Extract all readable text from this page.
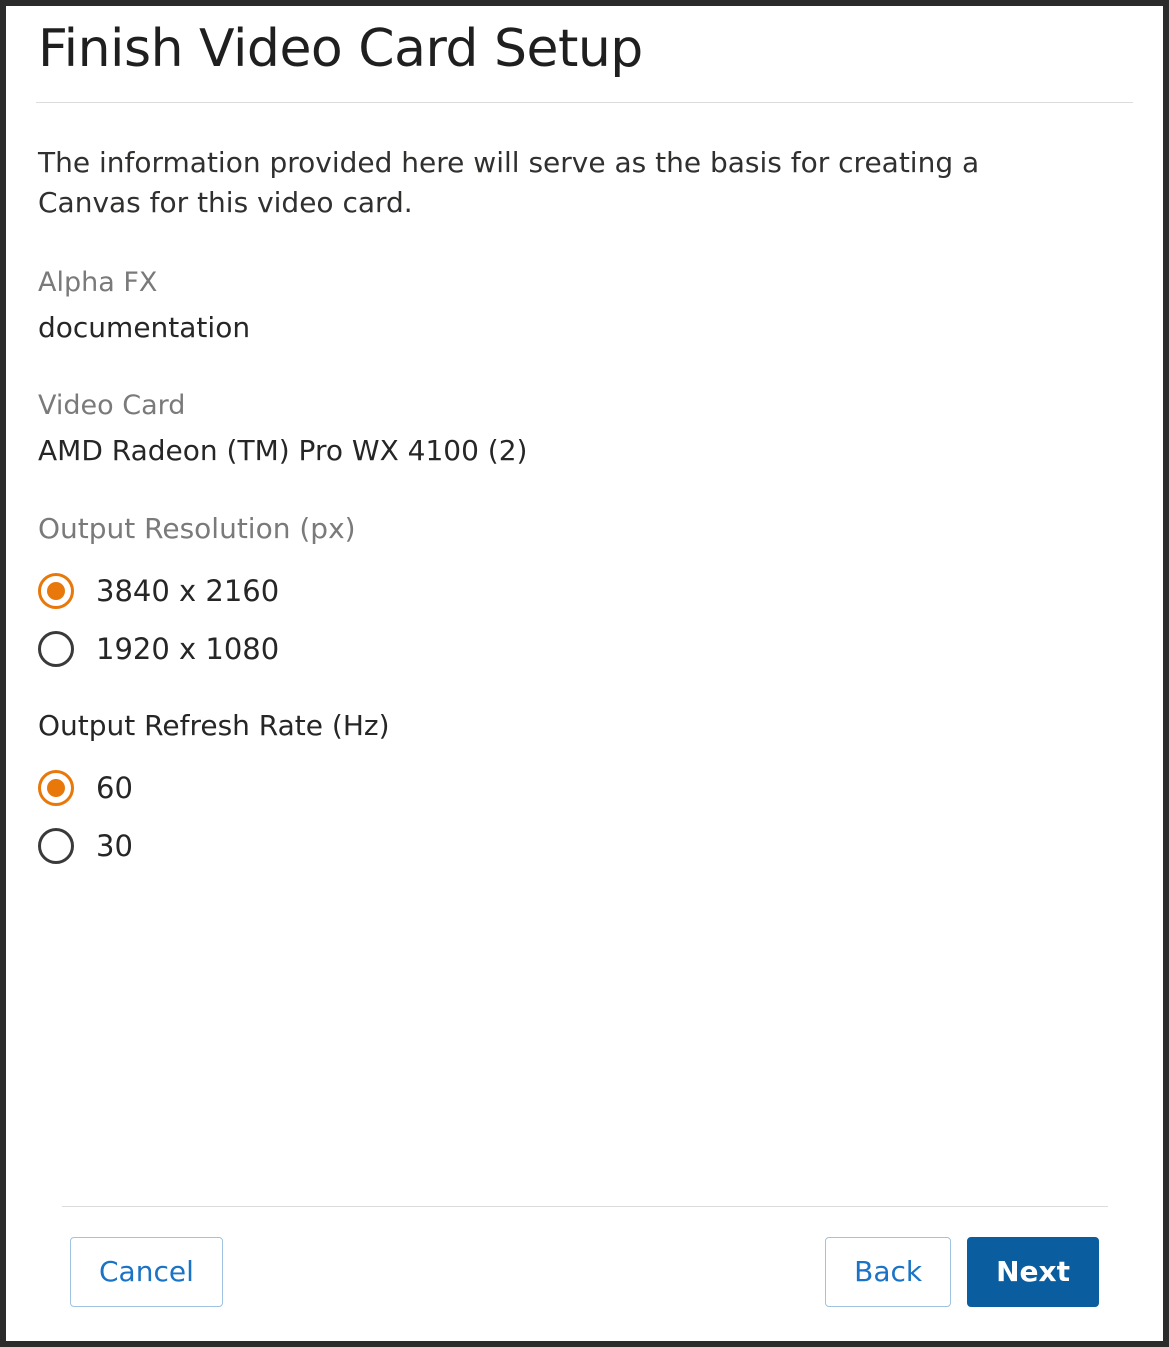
Finish Video Card Setup

The information provided here will serve as the basis for creating a Canvas for this video card.

Alpha FX
documentation
Video Card
AMD Radeon (TM) Pro WX 4100 (2)
Output Resolution (px)
3840 x 2160
1920 x 1080
Output Refresh Rate (Hz)
60
30
Cancel	Back	Next
